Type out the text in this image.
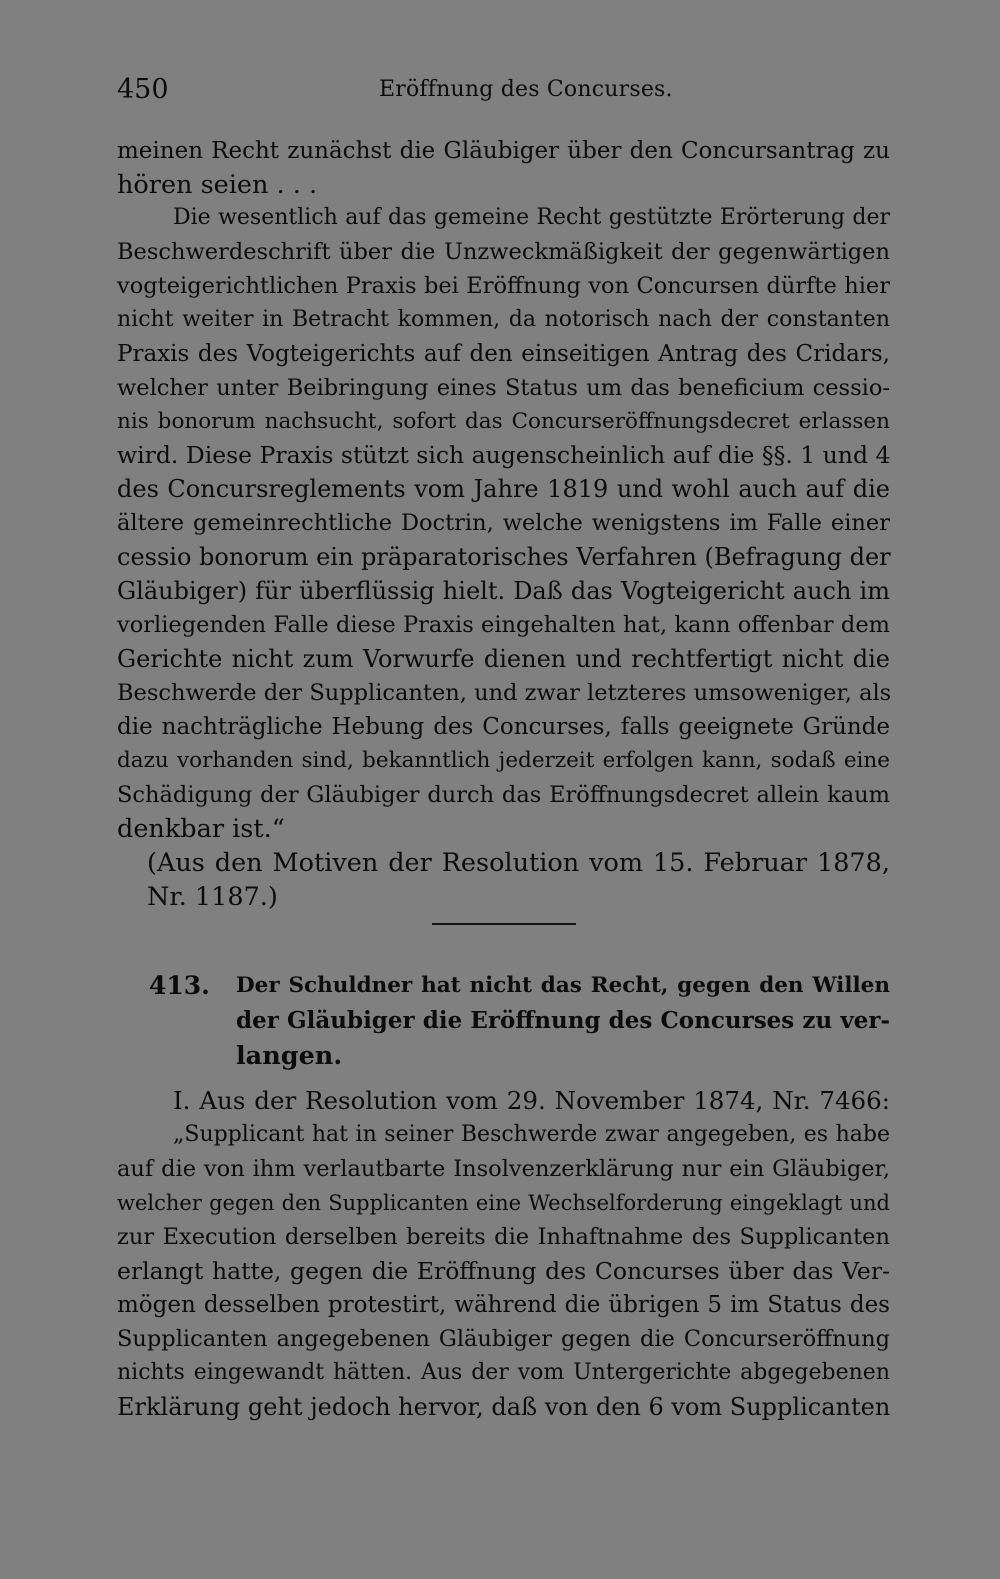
450	Eröffnung des Concurses.
meinen Recht zunächst die Gläubiger über den Concursantrag zu
hören seien . . .
Die wesentlich auf das gemeine Recht gestützte Erörterung der
Beschwerdeschrift über die Unzweckmäßigkeit der gegenwärtigen
vogteigerichtlichen Praxis bei Eröffnung von Concursen dürfte hier
nicht weiter in Betracht kommen, da notorisch nach der constanten
Praxis des Vogteigerichts auf den einseitigen Antrag des Cridars,
welcher unter Beibringung eines Status um das beneficium cessio-
nis bonorum nachsucht, sofort das Concurseröffnungsdecret erlassen
wird. Diese Praxis stützt sich augenscheinlich auf die §§. 1 und 4
des Concursreglements vom Jahre 1819 und wohl auch auf die
ältere gemeinrechtliche Doctrin, welche wenigstens im Falle einer
cessio bonorum ein präparatorisches Verfahren (Befragung der
Gläubiger) für überflüssig hielt. Daß das Vogteigericht auch im
vorliegenden Falle diese Praxis eingehalten hat, kann offenbar dem
Gerichte nicht zum Vorwurfe dienen und rechtfertigt nicht die
Beschwerde der Supplicanten, und zwar letzteres umsoweniger, als
die nachträgliche Hebung des Concurses, falls geeignete Gründe
dazu vorhanden sind, bekanntlich jederzeit erfolgen kann, sodaß eine
Schädigung der Gläubiger durch das Eröffnungsdecret allein kaum
denkbar ist.“
(Aus den Motiven der Resolution vom 15. Februar 1878,
Nr. 1187.)
413. Der Schuldner hat nicht das Recht, gegen den Willen
der Gläubiger die Eröffnung des Concurses zu ver-
langen.
I. Aus der Resolution vom 29. November 1874, Nr. 7466:
„Supplicant hat in seiner Beschwerde zwar angegeben, es habe
auf die von ihm verlautbarte Insolvenzerklärung nur ein Gläubiger,
welcher gegen den Supplicanten eine Wechselforderung eingeklagt und
zur Execution derselben bereits die Inhaftnahme des Supplicanten
erlangt hatte, gegen die Eröffnung des Concurses über das Ver-
mögen desselben protestirt, während die übrigen 5 im Status des
Supplicanten angegebenen Gläubiger gegen die Concurseröffnung
nichts eingewandt hätten. Aus der vom Untergerichte abgegebenen
Erklärung geht jedoch hervor, daß von den 6 vom Supplicanten
